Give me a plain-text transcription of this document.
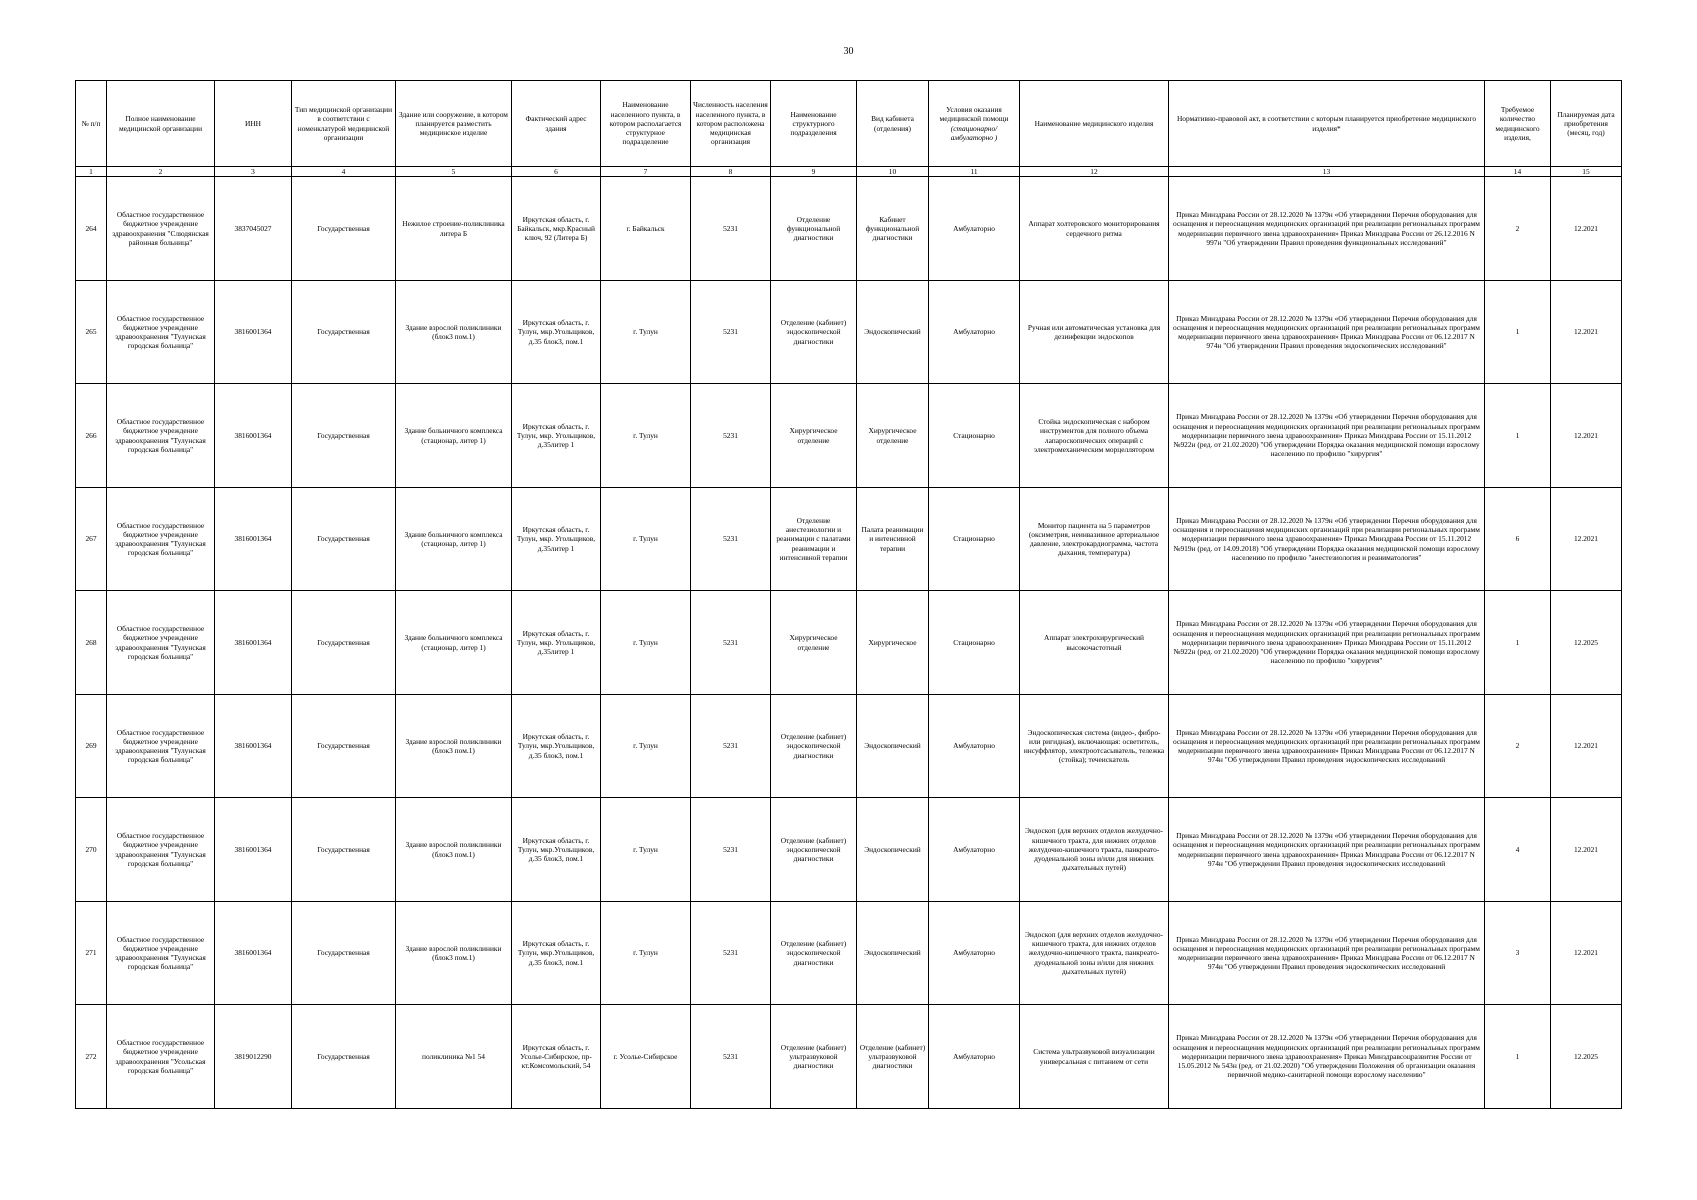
30
№ п/п	Полное наименование медицинской организации	ИНН	Тип медицинской организации в соответствии с номенклатурой медицинской организации	Здание или сооружение, в котором планируется разместить медицинское изделие	Фактический адрес здания	Наименование населенного пункта, в котором располагается структурное подразделение	Численность населения населенного пункта, в котором расположена медицинская организация	Наименование структурного подразделения	Вид кабинета (отделения)	Условия оказания медицинской помощи (стационарно/амбулаторно )	Наименование медицинского изделия	Нормативно-правовой акт, в соответствии с которым планируется приобретение медицинского изделия*	Требуемое количество медицинского изделия,	Планируемая дата приобретения (месяц, год)
1	2	3	4	5	6	7	8	9	10	11	12	13	14	15
264	Областное государственное бюджетное учреждение здравоохранения "Слюдянская районная больница"	3837045027	Государственная	Нежилое строение-поликлиника литера Б	Иркутская область, г. Байкальск, мкр.Красный ключ, 92 (Литера Б)	г. Байкальск	5231	Отделение функциональной диагностики	Кабинет функциональной диагностики	Амбулаторно	Аппарат холтеровского мониторирования сердечного ритма	Приказ Минздрава России от 28.12.2020 № 1379н «Об утверждении Перечня оборудования для оснащения и переоснащения медицинских организаций при реализации региональных программ модернизации первичного звена здравоохранения» Приказ Минздрава России от 26.12.2016 N 997н "Об утверждении Правил проведения функциональных исследований"	2	12.2021
265	Областное государственное бюджетное учреждение здравоохранения "Тулунская городская больница"	3816001364	Государственная	Здание взрослой поликлиники (блок3 пом.1)	Иркутская область, г. Тулун, мкр.Угольщиков, д.35 блок3, пом.1	г. Тулун	5231	Отделение (кабинет) эндоскопической диагностики	Эндоскопический	Амбулаторно	Ручная или автоматическая установка для дезинфекции эндоскопов	Приказ Минздрава России от 28.12.2020 № 1379н «Об утверждении Перечня оборудования для оснащения и переоснащения медицинских организаций при реализации региональных программ модернизации первичного звена здравоохранения» Приказ Минздрава России от 06.12.2017 N 974н "Об утверждении Правил проведения эндоскопических исследований"	1	12.2021
266	Областное государственное бюджетное учреждение здравоохранения "Тулунская городская больница"	3816001364	Государственная	Здание больничного комплекса (стационар, литер 1)	Иркутская область, г. Тулун, мкр. Угольщиков, д.35литер 1	г. Тулун	5231	Хирургическое отделение	Хирургическое отделение	Стационарно	Стойка эндоскопическая с набором инструментов для полного объема лапароскопических операций с электромеханическим морцеллятором	Приказ Минздрава России от 28.12.2020 № 1379н «Об утверждении Перечня оборудования для оснащения и переоснащения медицинских организаций при реализации региональных программ модернизации первичного звена здравоохранения» Приказ Минздрава России от 15.11.2012 №922н (ред. от 21.02.2020) "Об утверждении Порядка оказания медицинской помощи взрослому населению по профилю "хирургия"	1	12.2021
267	Областное государственное бюджетное учреждение здравоохранения "Тулунская городская больница"	3816001364	Государственная	Здание больничного комплекса (стационар, литер 1)	Иркутская область, г. Тулун, мкр. Угольщиков, д.35литер 1	г. Тулун	5231	Отделение анестезиологии и реанимации с палатами реанимации и интенсивной терапии	Палата реанимации и интенсивной терапии	Стационарно	Монитор пациента на 5 параметров (оксиметрия, неинвазивное артериальное давление, электрокардиограмма, частота дыхания, температура)	Приказ Минздрава России от 28.12.2020 № 1379н «Об утверждении Перечня оборудования для оснащения и переоснащения медицинских организаций при реализации региональных программ модернизации первичного звена здравоохранения» Приказ Минздрава России от 15.11.2012 №919н (ред. от 14.09.2018) "Об утверждении Порядка оказания медицинской помощи взрослому населению по профилю "анестезиология и реаниматология"	6	12.2021
268	Областное государственное бюджетное учреждение здравоохранения "Тулунская городская больница"	3816001364	Государственная	Здание больничного комплекса (стационар, литер 1)	Иркутская область, г. Тулун, мкр. Угольщиков, д.35литер 1	г. Тулун	5231	Хирургическое отделение	Хирургическое	Стационарно	Аппарат электрохирургический высокочастотный	Приказ Минздрава России от 28.12.2020 № 1379н «Об утверждении Перечня оборудования для оснащения и переоснащения медицинских организаций при реализации региональных программ модернизации первичного звена здравоохранения» Приказ Минздрава России от 15.11.2012 №922н (ред. от 21.02.2020) "Об утверждении Порядка оказания медицинской помощи взрослому населению по профилю "хирургия"	1	12.2025
269	Областное государственное бюджетное учреждение здравоохранения "Тулунская городская больница"	3816001364	Государственная	Здание взрослой поликлиники (блок3 пом.1)	Иркутская область, г. Тулун, мкр.Угольщиков, д.35 блок3, пом.1	г. Тулун	5231	Отделение (кабинет) эндоскопической диагностики	Эндоскопический	Амбулаторно	Эндоскопическая система (видео-, фибро- или ригидная), включающая: осветитель, инсуффлятор, электроотсасыватель, тележка (стойка); течеискатель	Приказ Минздрава России от 28.12.2020 № 1379н «Об утверждении Перечня оборудования для оснащения и переоснащения медицинских организаций при реализации региональных программ модернизации первичного звена здравоохранения» Приказ Минздрава России от 06.12.2017 N 974н "Об утверждении Правил проведения эндоскопических исследований	2	12.2021
270	Областное государственное бюджетное учреждение здравоохранения "Тулунская городская больница"	3816001364	Государственная	Здание взрослой поликлиники (блок3 пом.1)	Иркутская область, г. Тулун, мкр.Угольщиков, д.35 блок3, пом.1	г. Тулун	5231	Отделение (кабинет) эндоскопической диагностики	Эндоскопический	Амбулаторно	Эндоскоп (для верхних отделов желудочно-кишечного тракта, для нижних отделов желудочно-кишечного тракта, панкреато-дуоденальной зоны и/или для нижних дыхательных путей)	Приказ Минздрава России от 28.12.2020 № 1379н «Об утверждении Перечня оборудования для оснащения и переоснащения медицинских организаций при реализации региональных программ модернизации первичного звена здравоохранения» Приказ Минздрава России от 06.12.2017 N 974н "Об утверждении Правил проведения эндоскопических исследований	4	12.2021
271	Областное государственное бюджетное учреждение здравоохранения "Тулунская городская больница"	3816001364	Государственная	Здание взрослой поликлиники (блок3 пом.1)	Иркутская область, г. Тулун, мкр.Угольщиков, д.35 блок3, пом.1	г. Тулун	5231	Отделение (кабинет) эндоскопической диагностики	Эндоскопический	Амбулаторно	Эндоскоп (для верхних отделов желудочно-кишечного тракта, для нижних отделов желудочно-кишечного тракта, панкреато-дуоденальной зоны и/или для нижних дыхательных путей)	Приказ Минздрава России от 28.12.2020 № 1379н «Об утверждении Перечня оборудования для оснащения и переоснащения медицинских организаций при реализации региональных программ модернизации первичного звена здравоохранения» Приказ Минздрава России от 06.12.2017 N 974н "Об утверждении Правил проведения эндоскопических исследований	3	12.2021
272	Областное государственное бюджетное учреждение здравоохранения "Усольская городская больница"	3819012290	Государственная	поликлиника №1 54	Иркутская область, г. Усолье-Сибирское, пр-кт.Комсомольский, 54	г. Усолье-Сибирское	5231	Отделение (кабинет) ультразвуковой диагностики	Отделение (кабинет) ультразвуковой диагностики	Амбулаторно	Система ультразвуковой визуализации универсальная с питанием от сети	Приказ Минздрава России от 28.12.2020 № 1379н «Об утверждении Перечня оборудования для оснащения и переоснащения медицинских организаций при реализации региональных программ модернизации первичного звена здравоохранения» Приказ Минздравсоцразвития России от 15.05.2012 № 543н (ред. от 21.02.2020) "Об утверждении Положения об организации оказания первичной медико-санитарной помощи взрослому населению"	1	12.2025
